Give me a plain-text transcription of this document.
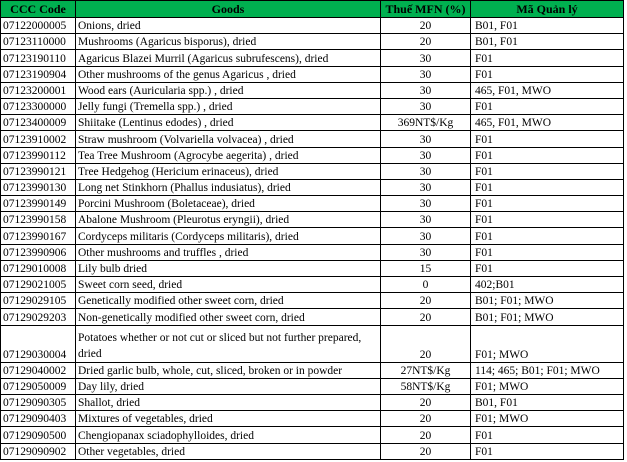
CCC Code	Goods	Thuế MFN (%)	Mã Quản lý
07122000005	Onions, dried	20	B01, F01
07123110000	Mushrooms (Agaricus bisporus), dried	20	B01, F01
07123190110	Agaricus Blazei Murril (Agaricus subrufescens), dried	30	F01
07123190904	Other mushrooms of the genus Agaricus , dried	30	F01
07123200001	Wood ears (Auricularia spp.) , dried	30	465, F01, MWO
07123300000	Jelly fungi (Tremella spp.) , dried	30	F01
07123400009	Shiitake (Lentinus edodes) , dried	369NT$/Kg	465, F01, MWO
07123910002	Straw mushroom (Volvariella volvacea) , dried	30	F01
07123990112	Tea Tree Mushroom (Agrocybe aegerita) , dried	30	F01
07123990121	Tree Hedgehog (Hericium erinaceus), dried	30	F01
07123990130	Long net Stinkhorn (Phallus indusiatus), dried	30	F01
07123990149	Porcini Mushroom (Boletaceae), dried	30	F01
07123990158	Abalone Mushroom (Pleurotus eryngii), dried	30	F01
07123990167	Cordyceps militaris (Cordyceps militaris), dried	30	F01
07123990906	Other mushrooms and truffles , dried	30	F01
07129010008	Lily bulb dried	15	F01
07129021005	Sweet corn seed, dried	0	402;B01
07129029105	Genetically modified other sweet corn, dried	20	B01; F01; MWO
07129029203	Non-genetically modified other sweet corn, dried	20	B01; F01; MWO
07129030004	Potatoes whether or not cut or sliced but not further prepared, dried	20	F01; MWO
07129040002	Dried garlic bulb, whole, cut, sliced, broken or in powder	27NT$/Kg	114; 465; B01; F01; MWO
07129050009	Day lily, dried	58NT$/Kg	F01; MWO
07129090305	Shallot, dried	20	B01, F01
07129090403	Mixtures of vegetables, dried	20	F01; MWO
07129090500	Chengiopanax sciadophylloides, dried	20	F01
07129090902	Other vegetables, dried	20	F01
